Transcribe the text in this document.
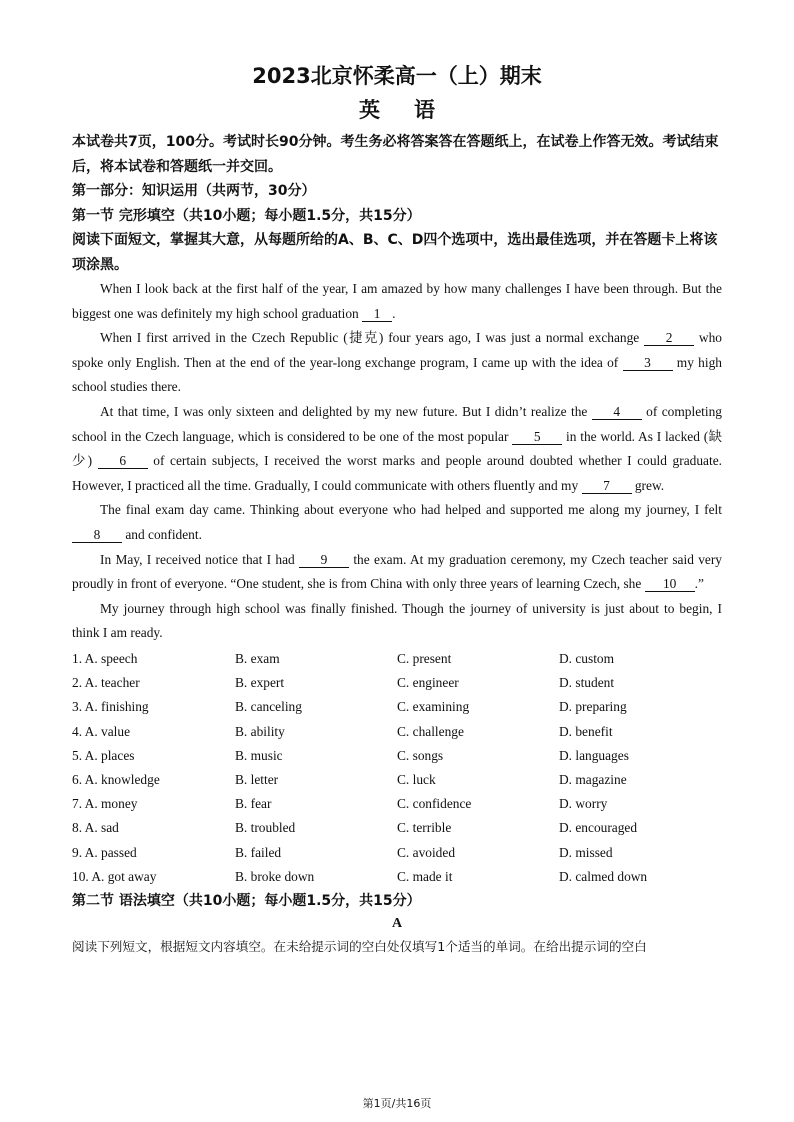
2023北京怀柔高一（上）期末
英语

本试卷共7页，100分。考试时长90分钟。考生务必将答案答在答题纸上，在试卷上作答无效。考试结束后，将本试卷和答题纸一并交回。

第一部分：知识运用（共两节，30分）

第一节 完形填空（共10小题；每小题1.5分，共15分）

阅读下面短文，掌握其大意，从每题所给的A、B、C、D四个选项中，选出最佳选项，并在答题卡上将该项涂黑。

When I look back at the first half of the year, I am amazed by how many challenges I have been through. But the biggest one was definitely my high school graduation 1 .

When I first arrived in the Czech Republic (捷克) four years ago, I was just a normal exchange 2 who spoke only English. Then at the end of the year-long exchange program, I came up with the idea of 3 my high school studies there.

At that time, I was only sixteen and delighted by my new future. But I didn’t realize the 4 of completing school in the Czech language, which is considered to be one of the most popular 5 in the world. As I lacked (缺少) 6 of certain subjects, I received the worst marks and people around doubted whether I could graduate. However, I practiced all the time. Gradually, I could communicate with others fluently and my 7 grew.

The final exam day came. Thinking about everyone who had helped and supported me along my journey, I felt 8 and confident.

In May, I received notice that I had 9 the exam. At my graduation ceremony, my Czech teacher said very proudly in front of everyone. “One student, she is from China with only three years of learning Czech, she 10 .”

My journey through high school was finally finished. Though the journey of university is just about to begin, I think I am ready.

1. A. speech	B. exam	C. present	D. custom
2. A. teacher	B. expert	C. engineer	D. student
3. A. finishing	B. canceling	C. examining	D. preparing
4. A. value	B. ability	C. challenge	D. benefit
5. A. places	B. music	C. songs	D. languages
6. A. knowledge	B. letter	C. luck	D. magazine
7. A. money	B. fear	C. confidence	D. worry
8. A. sad	B. troubled	C. terrible	D. encouraged
9. A. passed	B. failed	C. avoided	D. missed
10. A. got away	B. broke down	C. made it	D. calmed down

第二节 语法填空（共10小题；每小题1.5分，共15分）

A

阅读下列短文，根据短文内容填空。在未给提示词的空白处仅填写1个适当的单词。在给出提示词的空白

第1页/共16页
